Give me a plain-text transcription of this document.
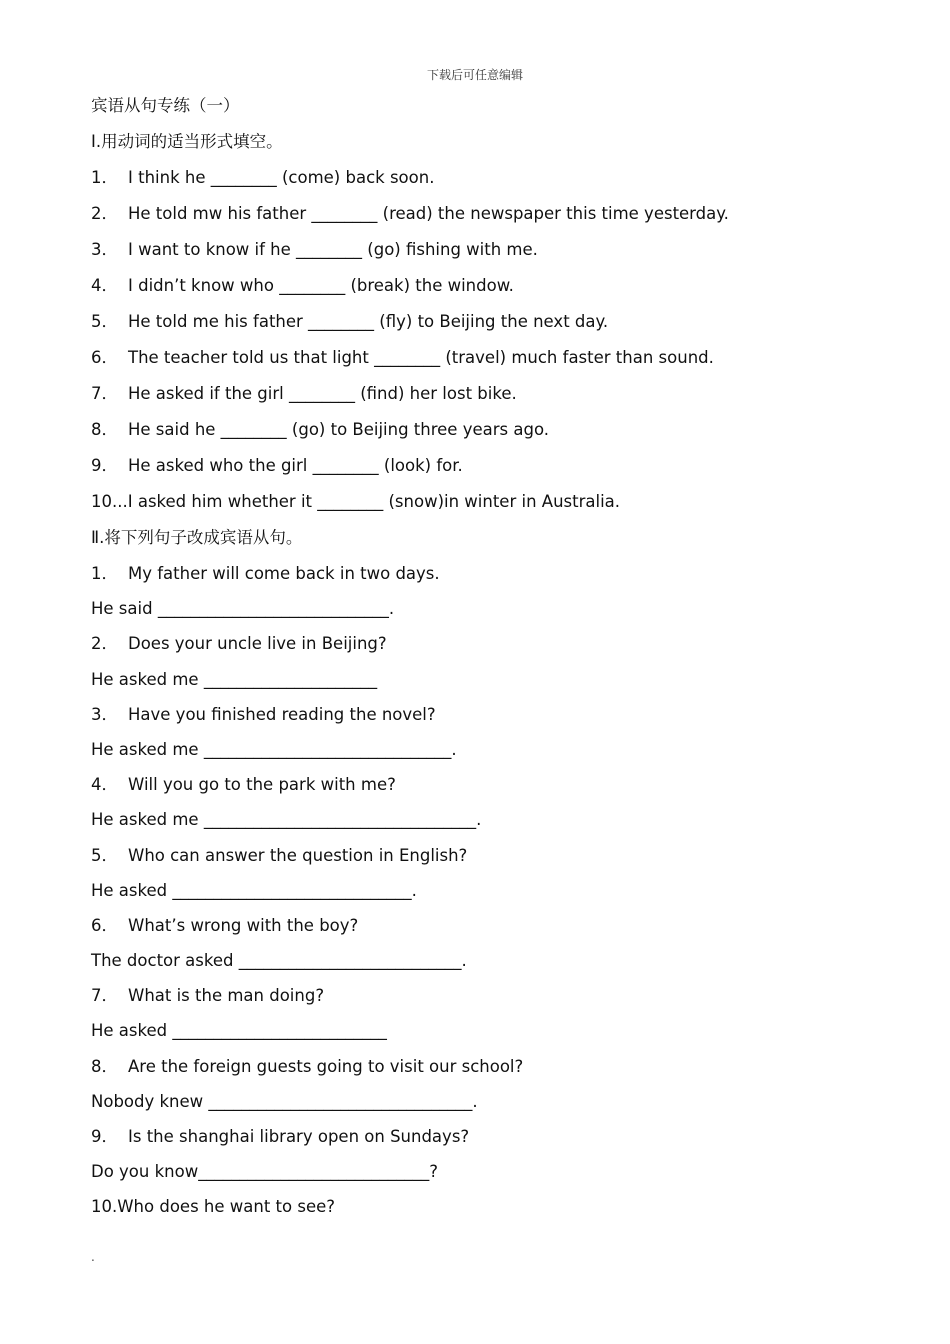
下载后可任意编辑
宾语从句专练（一）
I.用动词的适当形式填空。
1． I think he ________ (come) back soon.
2． He told mw his father ________ (read) the newspaper this time yesterday.
3． I want to know if he ________ (go) fishing with me.
4． I didn’t know who ________ (break) the window.
5． He told me his father ________ (fly) to Beijing the next day.
6． The teacher told us that light ________ (travel) much faster than sound.
7． He asked if the girl ________ (find) her lost bike.
8． He said he ________ (go) to Beijing three years ago.
9． He asked who the girl ________ (look) for.
10...I asked him whether it ________ (snow)in winter in Australia.
Ⅱ.将下列句子改成宾语从句。
1． My father will come back in two days.
He said ____________________________.
2． Does your uncle live in Beijing?
He asked me _____________________
3． Have you finished reading the novel?
He asked me ______________________________.
4． Will you go to the park with me?
He asked me _________________________________.
5． Who can answer the question in English?
He asked _____________________________.
6． What’s wrong with the boy?
The doctor asked ___________________________.
7． What is the man doing?
He asked __________________________
8． Are the foreign guests going to visit our school?
Nobody knew ________________________________.
9． Is the shanghai library open on Sundays?
Do you know____________________________?
10.Who does he want to see?
.
